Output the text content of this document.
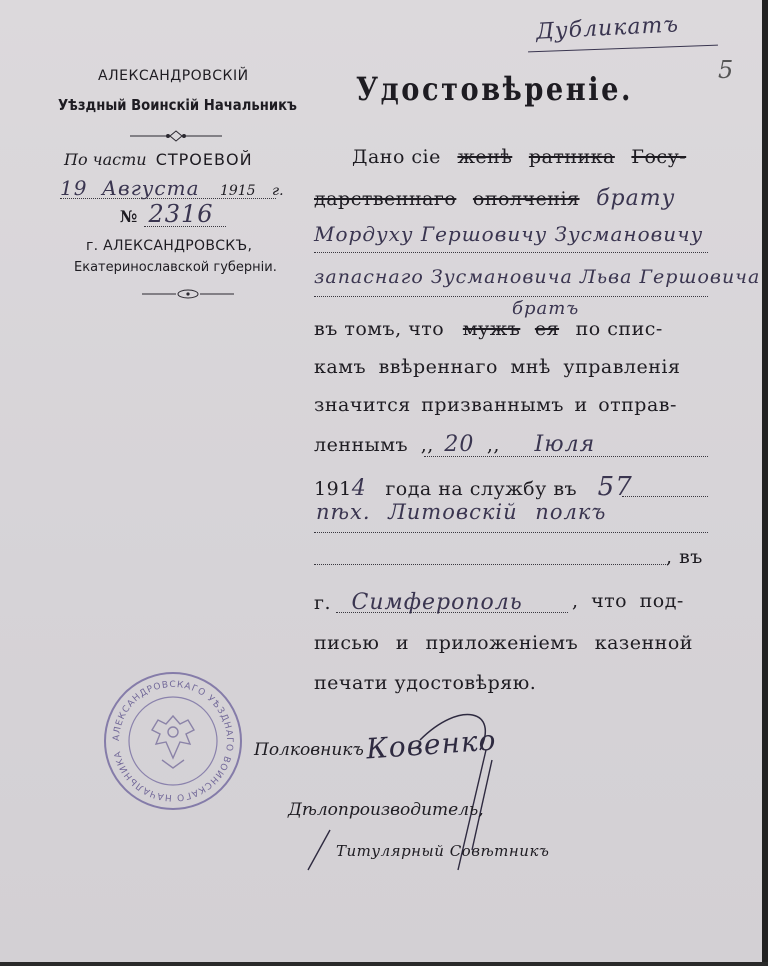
Дубликатъ
5
АЛЕКСАНДРОВСКІЙ
Уѣздный Воинскій Начальникъ
По части СТРОЕВОЙ
19 Августа 1915 г.
№ 2316
г. АЛЕКСАНДРОВСКЪ,
Екатеринославской губерніи.
Удостовѣреніе.
Дано сіе женѣ ратника Госу-
дарственнаго ополченія брату
Мордуху Гершовичу Зусмановичу
запаснаго Зусмановича Льва Гершовича
въ томъ, что мужъ ея по спис-
братъ
камъ ввѣреннаго мнѣ управленія
значится призваннымъ и отправ-
леннымъ ,, 20 ,, Іюля
1914 года на службу въ 57
пѣх. Литовскій полкъ
, въ
г. Симферополь	, что под-
писью и приложеніемъ казенной
печати удостовѣряю.
АЛЕКСАНДРОВСКАГО УѢЗДНАГО ВОИНСКАГО НАЧАЛЬНИКА	Полковникъ Ковенко
Дѣлопроизводитель,
Титулярный Совѣтникъ
